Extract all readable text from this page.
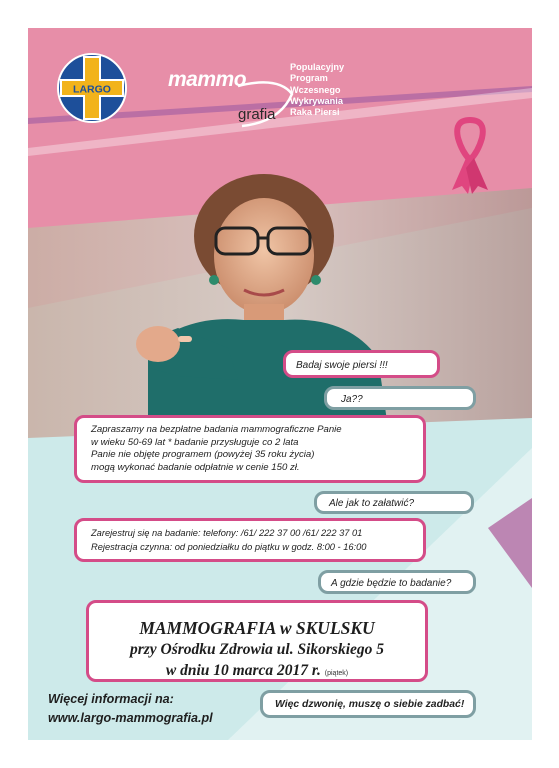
LARGO	mammo
grafia
Populacyjny
Program
Wczesnego
Wykrywania
Raka Piersi
Badaj swoje piersi !!!
Ja??
Zapraszamy na bezpłatne badania mammograficzne Panie
w wieku 50-69 lat * badanie przysługuje co 2 lata
Panie nie objęte programem (powyżej 35 roku życia)
mogą wykonać badanie odpłatnie w cenie 150 zł.
Ale jak to załatwić?
Zarejestruj się na badanie: telefony: /61/ 222 37 00 /61/ 222 37 01
Rejestracja czynna: od poniedziałku do piątku w godz. 8:00 - 16:00
A gdzie będzie to badanie?
MAMMOGRAFIA w SKULSKU
przy Ośrodku Zdrowia ul. Sikorskiego 5
w dniu 10 marca 2017 r. (piątek)
Więcej informacji na:
www.largo-mammografia.pl
Więc dzwonię, muszę o siebie zadbać!
